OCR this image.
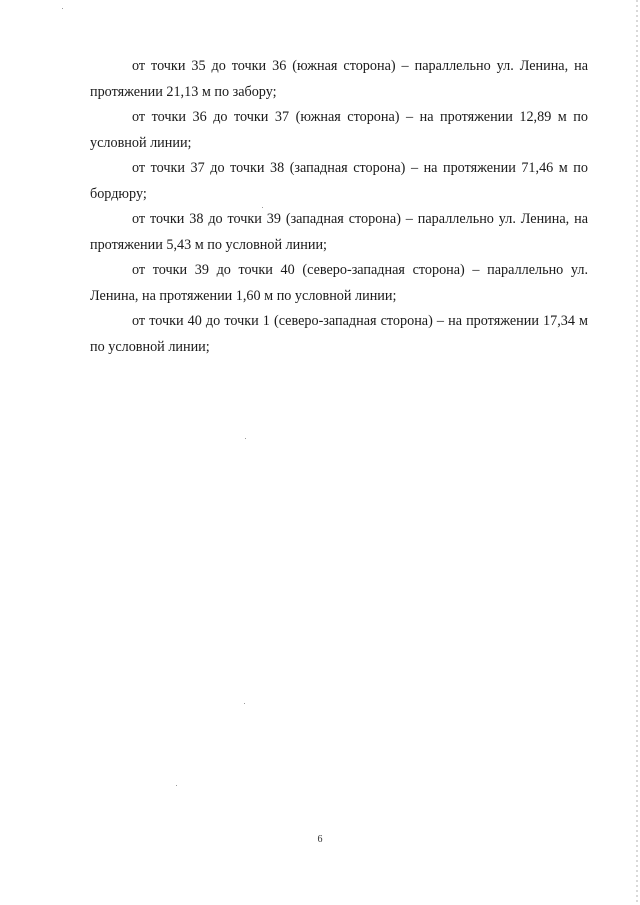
от точки 35 до точки 36 (южная сторона) – параллельно ул. Ленина, на протяжении 21,13 м по забору;

от точки 36 до точки 37 (южная сторона) – на протяжении 12,89 м по условной линии;

от точки 37 до точки 38 (западная сторона) – на протяжении 71,46 м по бордюру;

от точки 38 до точки 39 (западная сторона) – параллельно ул. Ленина, на протяжении 5,43 м по условной линии;

от точки 39 до точки 40 (северо-западная сторона) – параллельно ул. Ленина, на протяжении 1,60 м по условной линии;

от точки 40 до точки 1 (северо-западная сторона) – на протяжении 17,34 м по условной линии;

6
